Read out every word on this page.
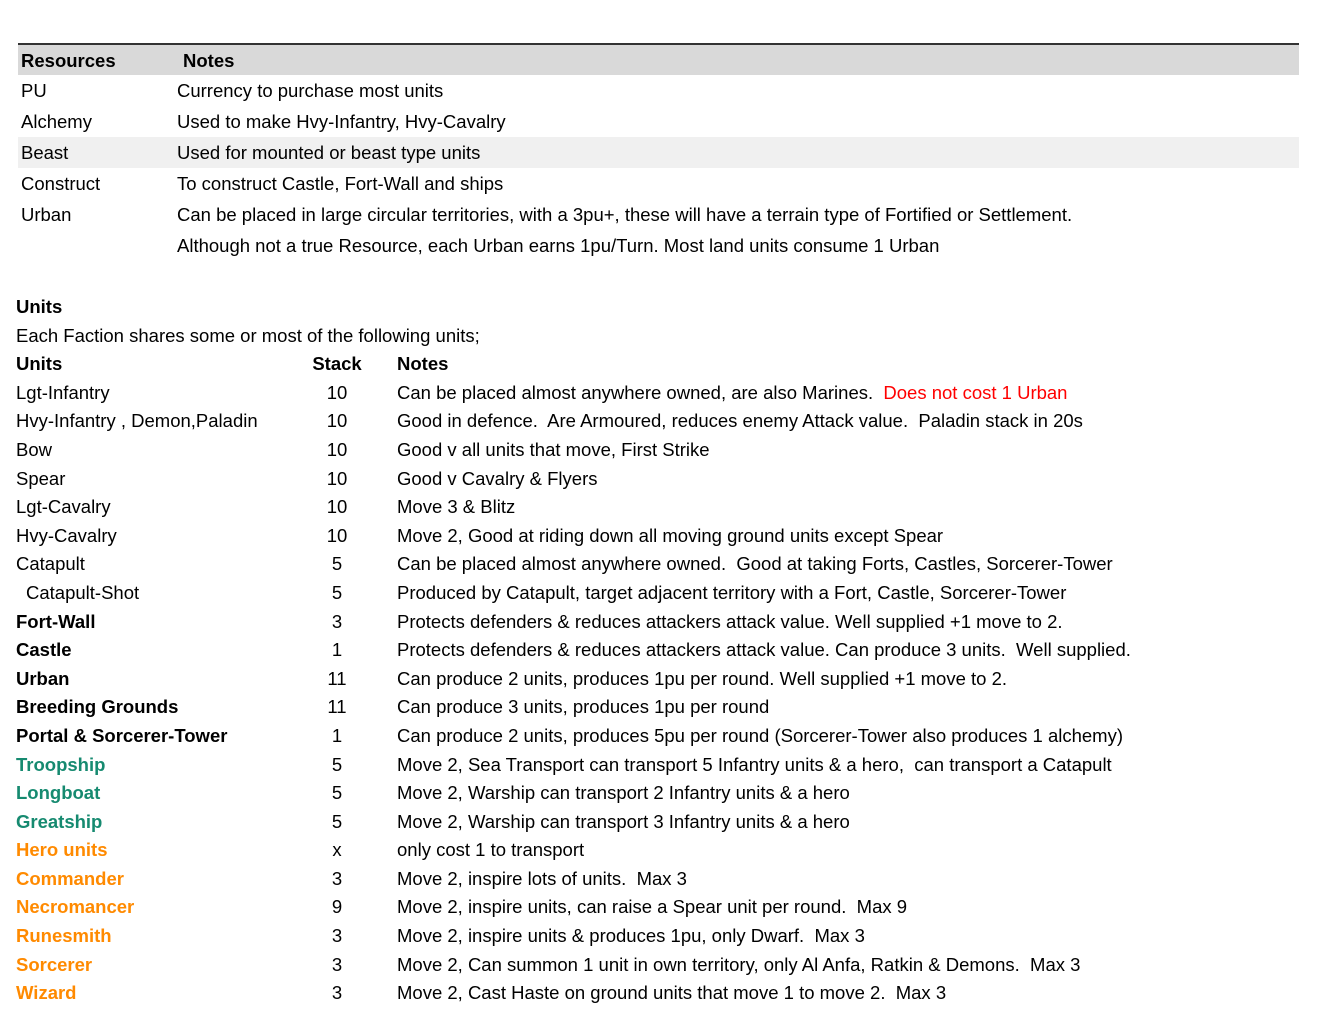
Resources	Notes
PU	Currency to purchase most units
Alchemy	Used to make Hvy-Infantry, Hvy-Cavalry
Beast	Used for mounted or beast type units
Construct	To construct Castle, Fort-Wall and ships
Urban	Can be placed in large circular territories, with a 3pu+, these will have a terrain type of Fortified or Settlement.
Although not a true Resource, each Urban earns 1pu/Turn. Most land units consume 1 Urban
Units
Each Faction shares some or most of the following units;
Units	Stack	Notes
Lgt-Infantry	10	Can be placed almost anywhere owned, are also Marines.  Does not cost 1 Urban
Hvy-Infantry , Demon,Paladin	10	Good in defence.  Are Armoured, reduces enemy Attack value.  Paladin stack in 20s
Bow	10	Good v all units that move, First Strike
Spear	10	Good v Cavalry & Flyers
Lgt-Cavalry	10	Move 3 & Blitz
Hvy-Cavalry	10	Move 2, Good at riding down all moving ground units except Spear
Catapult	5	Can be placed almost anywhere owned.  Good at taking Forts, Castles, Sorcerer-Tower
Catapult-Shot	5	Produced by Catapult, target adjacent territory with a Fort, Castle, Sorcerer-Tower
Fort-Wall	3	Protects defenders & reduces attackers attack value. Well supplied +1 move to 2.
Castle	1	Protects defenders & reduces attackers attack value. Can produce 3 units.  Well supplied.
Urban	11	Can produce 2 units, produces 1pu per round. Well supplied +1 move to 2.
Breeding Grounds	11	Can produce 3 units, produces 1pu per round
Portal & Sorcerer-Tower	1	Can produce 2 units, produces 5pu per round (Sorcerer-Tower also produces 1 alchemy)
Troopship	5	Move 2, Sea Transport can transport 5 Infantry units & a hero,  can transport a Catapult
Longboat	5	Move 2, Warship can transport 2 Infantry units & a hero
Greatship	5	Move 2, Warship can transport 3 Infantry units & a hero
Hero units	x	only cost 1 to transport
Commander	3	Move 2, inspire lots of units.  Max 3
Necromancer	9	Move 2, inspire units, can raise a Spear unit per round.  Max 9
Runesmith	3	Move 2, inspire units & produces 1pu, only Dwarf.  Max 3
Sorcerer	3	Move 2, Can summon 1 unit in own territory, only Al Anfa, Ratkin & Demons.  Max 3
Wizard	3	Move 2, Cast Haste on ground units that move 1 to move 2.  Max 3
